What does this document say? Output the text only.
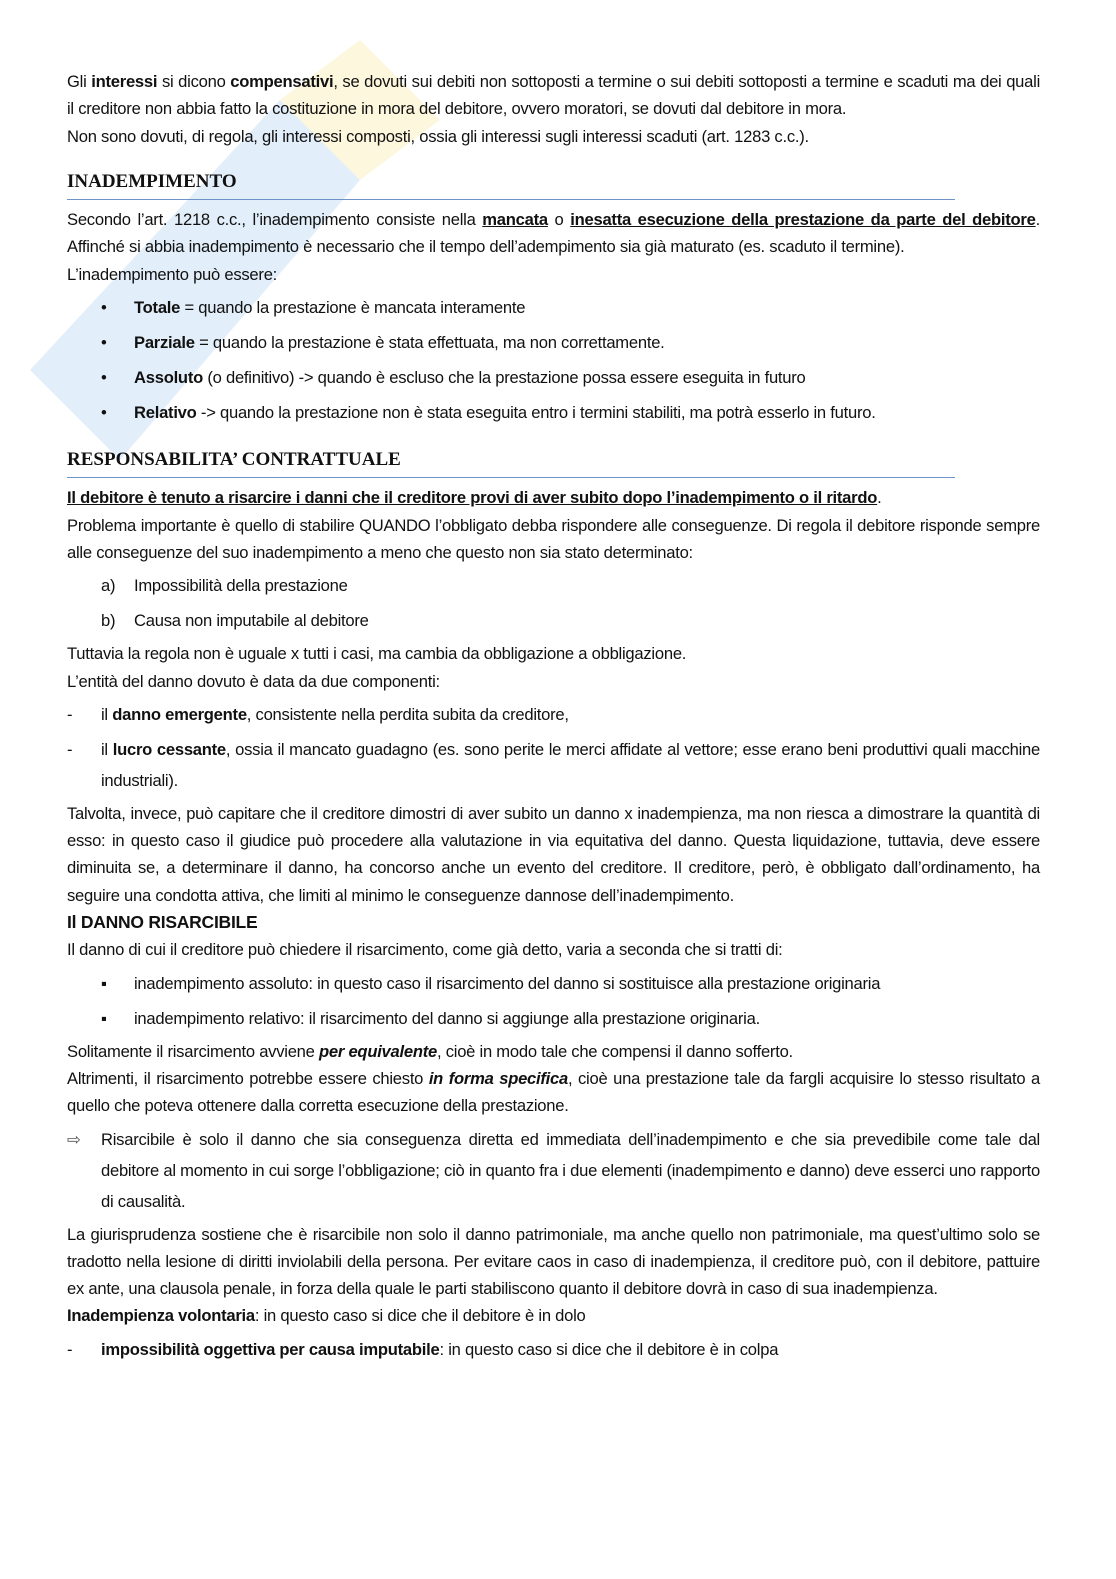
Gli interessi si dicono compensativi, se dovuti sui debiti non sottoposti a termine o sui debiti sottoposti a termine e scaduti ma dei quali il creditore non abbia fatto la costituzione in mora del debitore, ovvero moratori, se dovuti dal debitore in mora.
Non sono dovuti, di regola, gli interessi composti, ossia gli interessi sugli interessi scaduti (art. 1283 c.c.).
INADEMPIMENTO
Secondo l’art. 1218 c.c., l’inadempimento consiste nella mancata o inesatta esecuzione della prestazione da parte del debitore. Affinché si abbia inadempimento è necessario che il tempo dell’adempimento sia già maturato (es. scaduto il termine).
L’inadempimento può essere:
• Totale = quando la prestazione è mancata interamente
• Parziale = quando la prestazione è stata effettuata, ma non correttamente.
• Assoluto (o definitivo) -> quando è escluso che la prestazione possa essere eseguita in futuro
• Relativo -> quando la prestazione non è stata eseguita entro i termini stabiliti, ma potrà esserlo in futuro.
RESPONSABILITA’ CONTRATTUALE
Il debitore è tenuto a risarcire i danni che il creditore provi di aver subito dopo l’inadempimento o il ritardo.
Problema importante è quello di stabilire QUANDO l’obbligato debba rispondere alle conseguenze. Di regola il debitore risponde sempre alle conseguenze del suo inadempimento a meno che questo non sia stato determinato:
a) Impossibilità della prestazione
b) Causa non imputabile al debitore
Tuttavia la regola non è uguale x tutti i casi, ma cambia da obbligazione a obbligazione.
L’entità del danno dovuto è data da due componenti:
- il danno emergente, consistente nella perdita subita da creditore,
- il lucro cessante, ossia il mancato guadagno (es. sono perite le merci affidate al vettore; esse erano beni produttivi quali macchine industriali).
Talvolta, invece, può capitare che il creditore dimostri di aver subito un danno x inadempienza, ma non riesca a dimostrare la quantità di esso: in questo caso il giudice può procedere alla valutazione in via equitativa del danno. Questa liquidazione, tuttavia, deve essere diminuita se, a determinare il danno, ha concorso anche un evento del creditore. Il creditore, però, è obbligato dall’ordinamento, ha seguire una condotta attiva, che limiti al minimo le conseguenze dannose dell’inadempimento.
Il DANNO RISARCIBILE
Il danno di cui il creditore può chiedere il risarcimento, come già detto, varia a seconda che si tratti di:
▪ inadempimento assoluto: in questo caso il risarcimento del danno si sostituisce alla prestazione originaria
▪ inadempimento relativo: il risarcimento del danno si aggiunge alla prestazione originaria.
Solitamente il risarcimento avviene per equivalente, cioè in modo tale che compensi il danno sofferto.
Altrimenti, il risarcimento potrebbe essere chiesto in forma specifica, cioè una prestazione tale da fargli acquisire lo stesso risultato a quello che poteva ottenere dalla corretta esecuzione della prestazione.
⇨ Risarcibile è solo il danno che sia conseguenza diretta ed immediata dell’inadempimento e che sia prevedibile come tale dal debitore al momento in cui sorge l’obbligazione; ciò in quanto fra i due elementi (inadempimento e danno) deve esserci uno rapporto di causalità.
La giurisprudenza sostiene che è risarcibile non solo il danno patrimoniale, ma anche quello non patrimoniale, ma quest’ultimo solo se tradotto nella lesione di diritti inviolabili della persona. Per evitare caos in caso di inadempienza, il creditore può, con il debitore, pattuire ex ante, una clausola penale, in forza della quale le parti stabiliscono quanto il debitore dovrà in caso di sua inadempienza.
Inadempienza volontaria: in questo caso si dice che il debitore è in dolo
- impossibilità oggettiva per causa imputabile: in questo caso si dice che il debitore è in colpa
